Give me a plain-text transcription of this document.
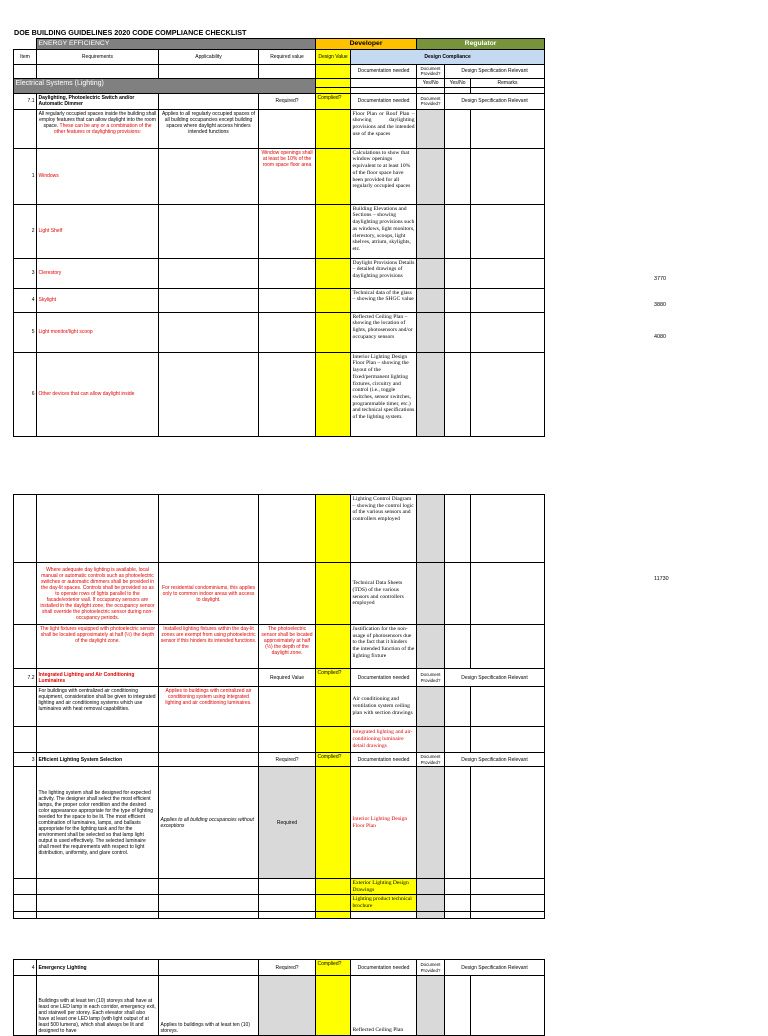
DOE BUILDING GUIDELINES 2020 CODE COMPLIANCE CHECKLIST
	ENERGY EFFICIENCY			Developer		Regulator		
Item	Requirements	Applicability	Required value	Design Value	Design Compliance			
					Documentation needed	Document Provided?	Design Specification Relevant	
Electrical Systems (Lighting)						Yes/No	Yes/No	Remarks

7.1	Daylighting, Photoelectric Switch and/or Automatic Dimmer		Required?	Complied?	Documentation needed	Document Provided?	Design Specification Relevant	
	All regularly occupied spaces inside the building shall employ features that can allow daylight into the room space. These can be any or a combination of the other features or daylighting provisions:	Applies to all regularly occupied spaces of all building occupancies except building spaces where daylight access hinders intended functions			Floor Plan or Roof Plan – showing daylighting provisions and the intended use of the spaces			
1	Windows		Window openings shall at least be 10% of the room space floor area		Calculations to show that window openings equivalent to at least 10% of the floor space have been provided for all regularly occupied spaces			
2	Light Shelf				Building Elevations and Sections – showing daylighting provisions such as windows, light monitors, clerestory, scoops, light shelves, atrium, skylights, etc.			
3	Clerestory				Daylight Provisions Details – detailed drawings of daylighting provisions			
4	Skylight				Technical data of the glass – showing the SHGC value			
5	Light monitor/light scoop				Reflected Ceiling Plan – showing the location of lights, photosensors and/or occupancy sensors			
6	Other devices that can allow daylight inside				Interior Lighting Design Floor Plan – showing the layout of the fixed/permanent lighting fixtures, circuitry and control (i.e., toggle switches, sensor switches, programmable timer, etc.) and technical specifications of the lighting system.			
3770
3880
4080
					Lighting Control Diagram – showing the control logic of the various sensors and controllers employed			
	Where adequate day lighting is available, local manual or automatic controls such as photoelectric switches or automatic dimmers shall be provided in the day-lit spaces. Controls shall be provided so as to operate rows of lights parallel to the facade/exterior wall. If occupancy sensors are installed in the daylight zone, the occupancy sensor shall override the photoelectric sensor during non-occupancy periods.	For residential condominiums, this applies only to common indoor areas with access to daylight.			Technical Data Sheets (TDS) of the various sensors and controllers employed			
	The light fixtures equipped with photoelectric sensor shall be located approximately at half (½) the depth of the daylight zone.	Installed lighting fixtures within the day-lit zones are exempt from using photoelectric sensor if this hinders its intended functions.	The photoelectric sensor shall be located approximately at half (½) the depth of the daylight zone.		Justification for the non-usage of photosensors due to the fact that it hinders the intended function of the lighting fixture			
7.2	Integrated Lighting and Air Conditioning Luminaires		Required Value	Complied?	Documentation needed	Document Provided?	Design Specification Relevant	
	For buildings with centralized air conditioning equipment, consideration shall be given to integrated lighting and air conditioning systems which use luminaires with heat removal capabilities.	Applies to buildings with centralized air conditioning system using integrated lighting and air conditioning luminaires.			Air conditioning and ventilation system ceiling plan with section drawings			
					Integrated lighting and air-conditioning luminaire detail drawings			
3	Efficient Lighting System Selection		Required?	Complied?	Documentation needed	Document Provided?	Design Specification Relevant	
	The lighting system shall be designed for expected activity. The designer shall select the most efficient lamps, the proper color rendition and the desired color appearance appropriate for the type of lighting needed for the space to be lit. The most efficient combination of luminaires, lamps, and ballasts appropriate for the lighting task and for the environment shall be selected so that lamp light output is used effectively. The selected luminaire shall meet the requirements with respect to light distribution, uniformity, and glare control.	Applies to all building occupancies without exceptions	Required		Interior Lighting Design Floor Plan			
					Exterior Lighting Design Drawings			
					Lighting product technical brochure			

11730
4	Emergency Lighting		Required?	Complied?	Documentation needed	Document Provided?	Design Specification Relevant	
	Buildings with at least ten (10) storeys shall have at least one LED lamp in each corridor, emergency exit, and stairwell per storey. Each elevator shall also have at least one LED lamp (with light output of at least 500 lumens), which shall always be lit and designed to have	Applies to buildings with at least ten (10) storeys.			Reflected Ceiling Plan			
